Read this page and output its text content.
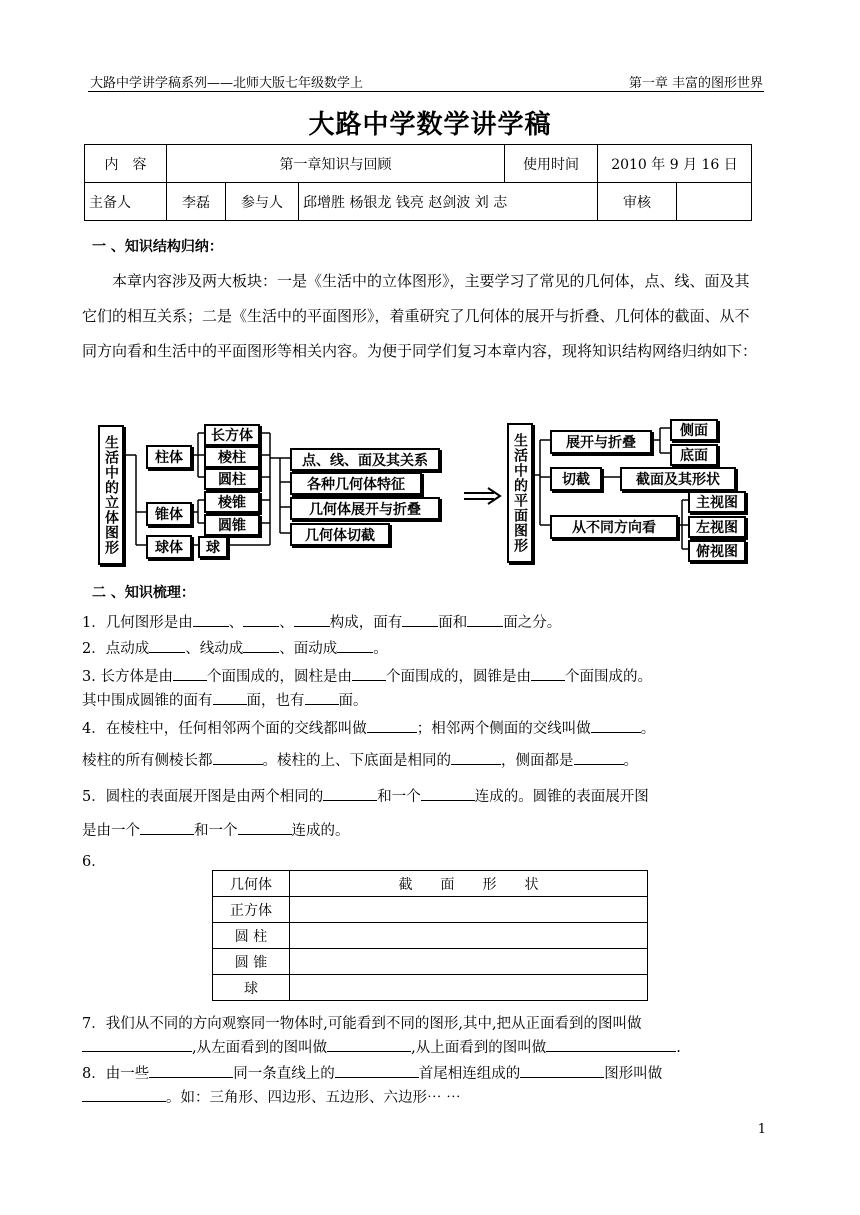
大路中学讲学稿系列——北师大版七年级数学上	第一章 丰富的图形世界
大路中学数学讲学稿
内　容	第一章知识与回顾			使用时间	2010 年 9 月 16 日	
主备人	李磊	参与人	邱增胜 杨银龙 钱亮 赵剑波 刘 志		审核	
一 、知识结构归纳：
本章内容涉及两大板块：一是《生活中的立体图形》，主要学习了常见的几何体，点、线、面及其它们的相互关系；二是《生活中的平面图形》，着重研究了几何体的展开与折叠、几何体的截面、从不同方向看和生活中的平面图形等相关内容。为便于同学们复习本章内容，现将知识结构网络归纳如下：
生活中的立体图形	柱体
锥体
球体
长方体
棱柱
圆柱
棱锥
圆锥
球
点、线、面及其关系
各种几何体特征
几何体展开与折叠
几何体切截	生活中的平面图形	展开与折叠
侧面
底面
切截	截面及其形状
从不同方向看
主视图
左视图
俯视图
二 、知识梳理：
1．几何图形是由 、 、 构成，面有 面和 面之分。
2．点动成 、线动成 、面动成 。
3. 长方体是由 个面围成的，圆柱是由 个面围成的，圆锥是由 个面围成的。
其中围成圆锥的面有 面，也有 面。
4．在棱柱中，任何相邻两个面的交线都叫做	；相邻两个侧面的交线叫做	。
棱柱的所有侧棱长都	。棱柱的上、下底面是相同的	，侧面都是	。
5．圆柱的表面展开图是由两个相同的	和一个	连成的。圆锥的表面展开图
是由一个	和一个	连成的。
6．
几何体	截　　面　　形　　状
正方体	
圆 柱	
圆 锥	
球	
7．我们从不同的方向观察同一物体时,可能看到不同的图形,其中,把从正面看到的图叫做
,从左面看到的图叫做	,从上面看到的图叫做	.
8．由一些	同一条直线上的	首尾相连组成的	图形叫做
。如：三角形、四边形、五边形、六边形⋯ ⋯
1
